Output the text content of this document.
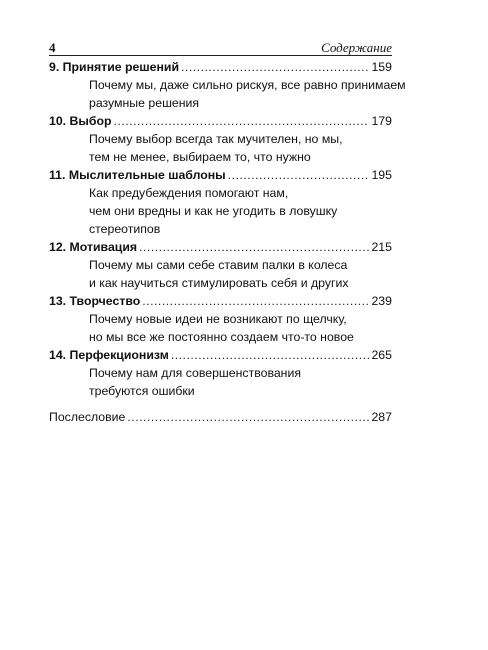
4	Содержание
9. Принятие решений .....	159
Почему мы, даже сильно рискуя, все равно принимаем
разумные решения
10. Выбор .....	179
Почему выбор всегда так мучителен, но мы,
тем не менее, выбираем то, что нужно
11. Мыслительные шаблоны .....	195
Как предубеждения помогают нам,
чем они вредны и как не угодить в ловушку
стереотипов
12. Мотивация .....	215
Почему мы сами себе ставим палки в колеса
и как научиться стимулировать себя и других
13. Творчество .....	239
Почему новые идеи не возникают по щелчку,
но мы все же постоянно создаем что-то новое
14. Перфекционизм .....	265
Почему нам для совершенствования
требуются ошибки
Послесловие .....	287
